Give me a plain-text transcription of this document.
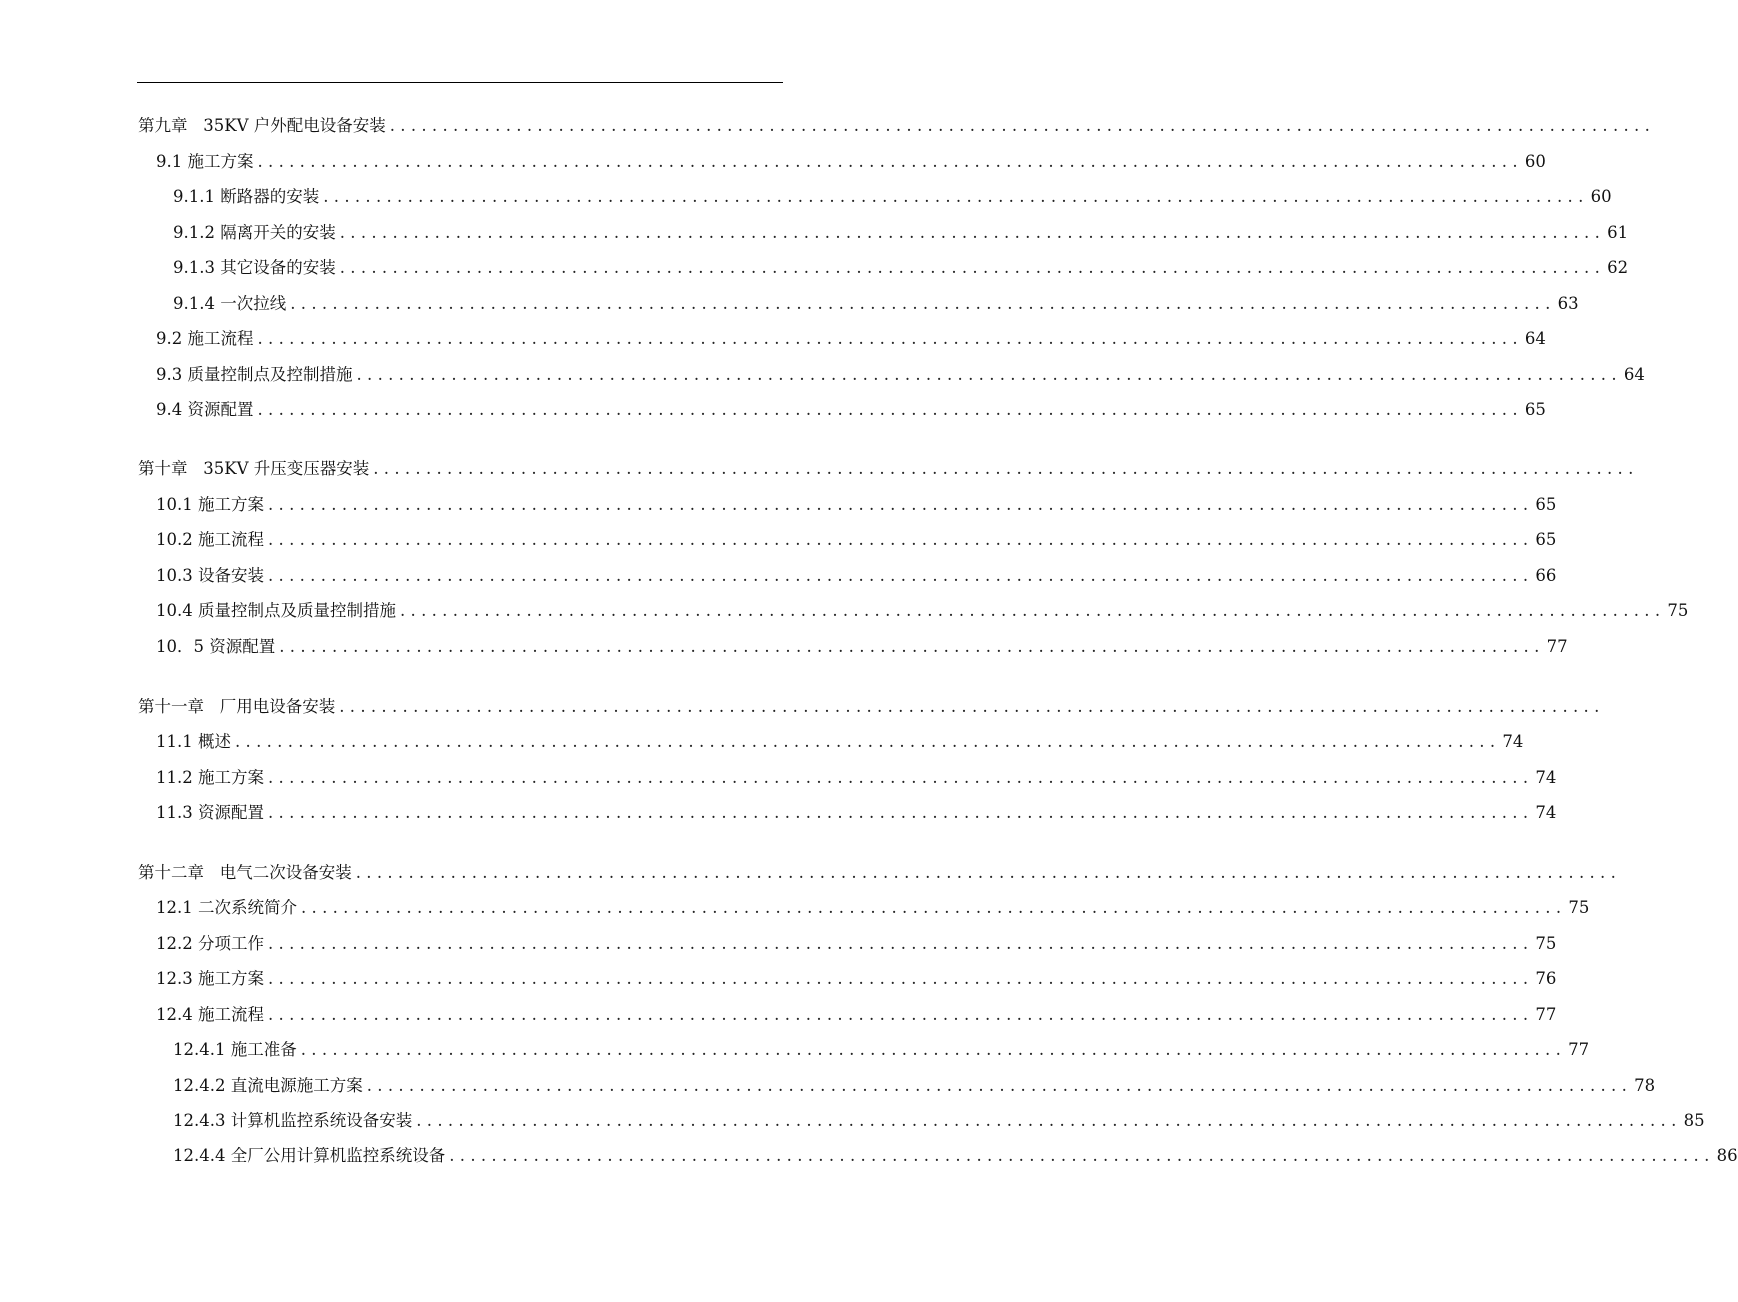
第九章
35KV 户外配电设备安装 ........................................................................................................................
9.1
施工方案 ........................................................................................................................ 60
9.1.1
断路器的安装 ........................................................................................................................ 60
9.1.2
隔离开关的安装 ........................................................................................................................ 61
9.1.3
其它设备的安装 ........................................................................................................................ 62
9.1.4
一次拉线 ........................................................................................................................ 63
9.2
施工流程 ........................................................................................................................ 64
9.3
质量控制点及控制措施 ........................................................................................................................ 64
9.4
资源配置 ........................................................................................................................ 65
第十章
35KV 升压变压器安装 ........................................................................................................................
10.1
施工方案 ........................................................................................................................ 65
10.2
施工流程 ........................................................................................................................ 65
10.3
设备安装 ........................................................................................................................ 66
10.4
质量控制点及质量控制措施 ........................................................................................................................ 75
10．5
资源配置 ........................................................................................................................ 77
第十一章
厂用电设备安装 ........................................................................................................................
11.1
概述 ........................................................................................................................ 74
11.2
施工方案 ........................................................................................................................ 74
11.3
资源配置 ........................................................................................................................ 74
第十二章
电气二次设备安装 ........................................................................................................................
12.1
二次系统简介 ........................................................................................................................ 75
12.2
分项工作 ........................................................................................................................ 75
12.3
施工方案 ........................................................................................................................ 76
12.4
施工流程 ........................................................................................................................ 77
12.4.1
施工准备 ........................................................................................................................ 77
12.4.2
直流电源施工方案 ........................................................................................................................ 78
12.4.3
计算机监控系统设备安装 ........................................................................................................................ 85
12.4.4
全厂公用计算机监控系统设备 ........................................................................................................................ 86
